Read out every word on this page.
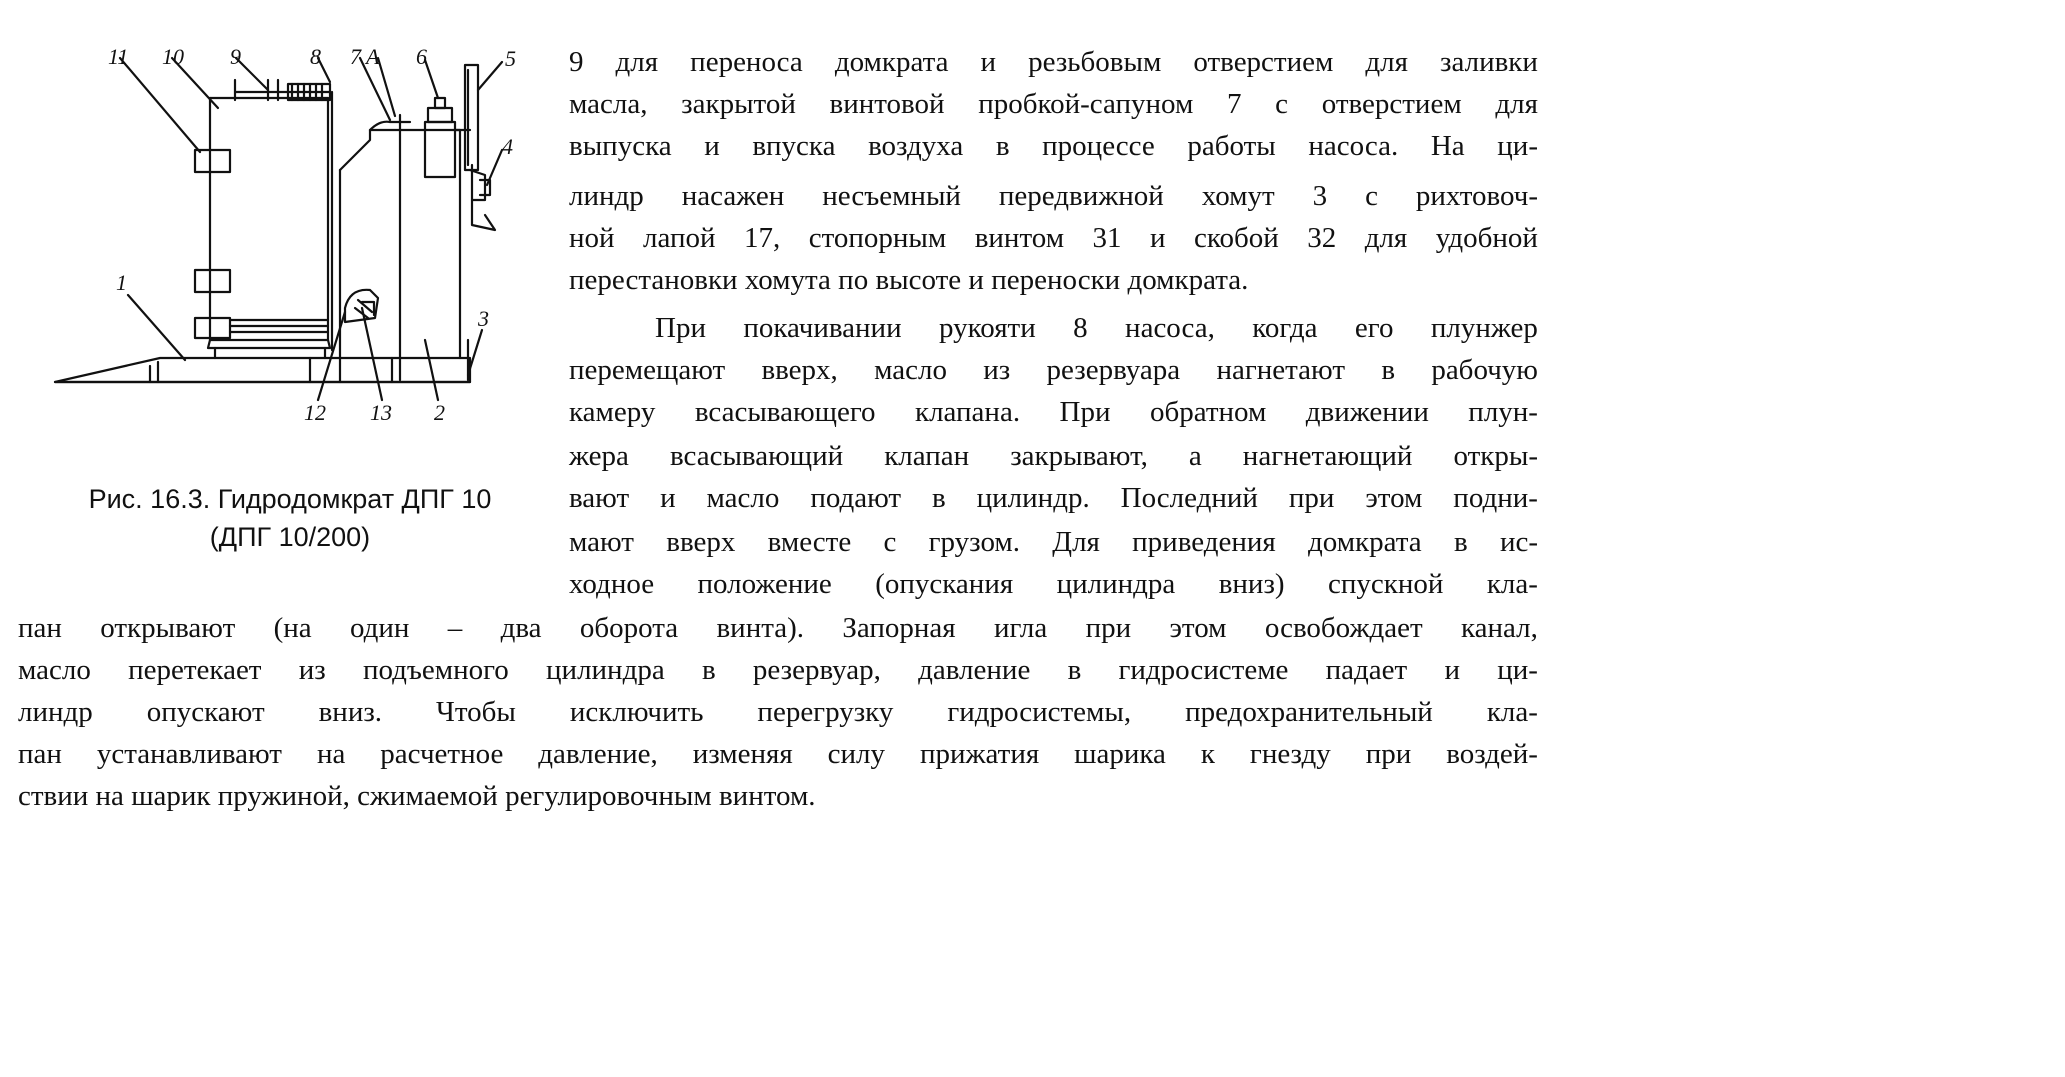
11 10 9	8 7 А 6	5
4
1
3
12 13 2
Рис. 16.3. Гидродомкрат ДПГ 10
(ДПГ 10/200)
9 для переноса домкрата и резьбовым отверстием для заливки
масла, закрытой винтовой пробкой-сапуном 7 с отверстием для
выпуска и впуска воздуха в процессе работы насоса. На ци-
линдр насажен несъемный передвижной хомут 3 с рихтовоч-
ной лапой 17, стопорным винтом 31 и скобой 32 для удобной
перестановки хомута по высоте и переноски домкрата.
При покачивании рукояти 8 насоса, когда его плунжер
перемещают вверх, масло из резервуара нагнетают в рабочую
камеру всасывающего клапана. При обратном движении плун-
жера всасывающий клапан закрывают, а нагнетающий откры-
вают и масло подают в цилиндр. Последний при этом подни-
мают вверх вместе с грузом. Для приведения домкрата в ис-
ходное положение (опускания цилиндра вниз) спускной кла-
пан открывают (на один – два оборота винта). Запорная игла при этом освобождает канал,
масло перетекает из подъемного цилиндра в резервуар, давление в гидросистеме падает и ци-
линдр опускают вниз. Чтобы исключить перегрузку гидросистемы, предохранительный кла-
пан устанавливают на расчетное давление, изменяя силу прижатия шарика к гнезду при воздей-
ствии на шарик пружиной, сжимаемой регулировочным винтом.
